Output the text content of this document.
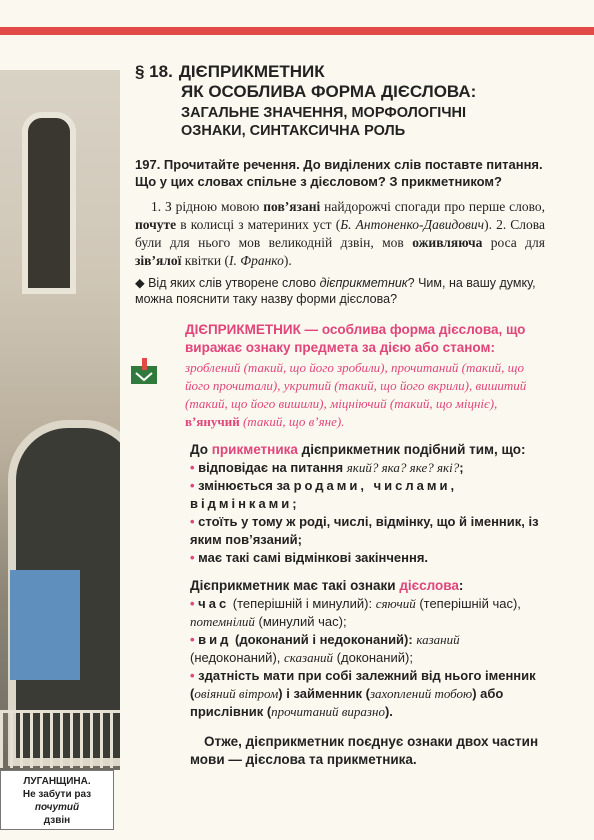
ЛУГАНЩИНА.
Не забути раз почутий
дзвін
§ 18. ДІЄПРИКМЕТНИК
ЯК ОСОБЛИВА ФОРМА ДІЄСЛОВА:
ЗАГАЛЬНЕ ЗНАЧЕННЯ, МОРФОЛОГІЧНІ
ОЗНАКИ, СИНТАКСИЧНА РОЛЬ
197. Прочитайте речення. До виділених слів поставте питання. Що у цих словах спільне з дієсловом? З прикметником?
1. З рідною мовою пов’язані найдорожчі спогади про перше слово, почуте в колисці з материних уст (Б. Антоненко-Давидович). 2. Слова були для нього мов великодній дзвін, мов оживляюча роса для зів’ялої квітки (І. Франко).
◆ Від яких слів утворене слово дієприкметник? Чим, на вашу думку, можна пояснити таку назву форми дієслова?
ДІЄПРИКМЕТНИК — особлива форма дієслова, що виражає ознаку предмета за дією або станом:
зроблений (такий, що його зробили), прочитаний (такий, що його прочитали), укритий (такий, що його вкрили), вишитий (такий, що його вишили), міцніючий (такий, що міцніє), в’янучий (такий, що в’яне).
До прикметника дієприкметник подібний тим, що:
• відповідає на питання який? яка? яке? які?;
• змінюється за родами, числами, відмінками;
• стоїть у тому ж роді, числі, відмінку, що й іменник, із яким пов’язаний;
• має такі самі відмінкові закінчення.
Дієприкметник має такі ознаки дієслова:
• час (теперішній і минулий): сяючий (теперішній час), потемнілий (минулий час);
• вид (доконаний і недоконаний): казаний (недоконаний), сказаний (доконаний);
• здатність мати при собі залежний від нього іменник (овіяний вітром) і займенник (захоплений тобою) або прислівник (прочитаний виразно).
Отже, дієприкметник поєднує ознаки двох частин мови — дієслова та прикметника.
